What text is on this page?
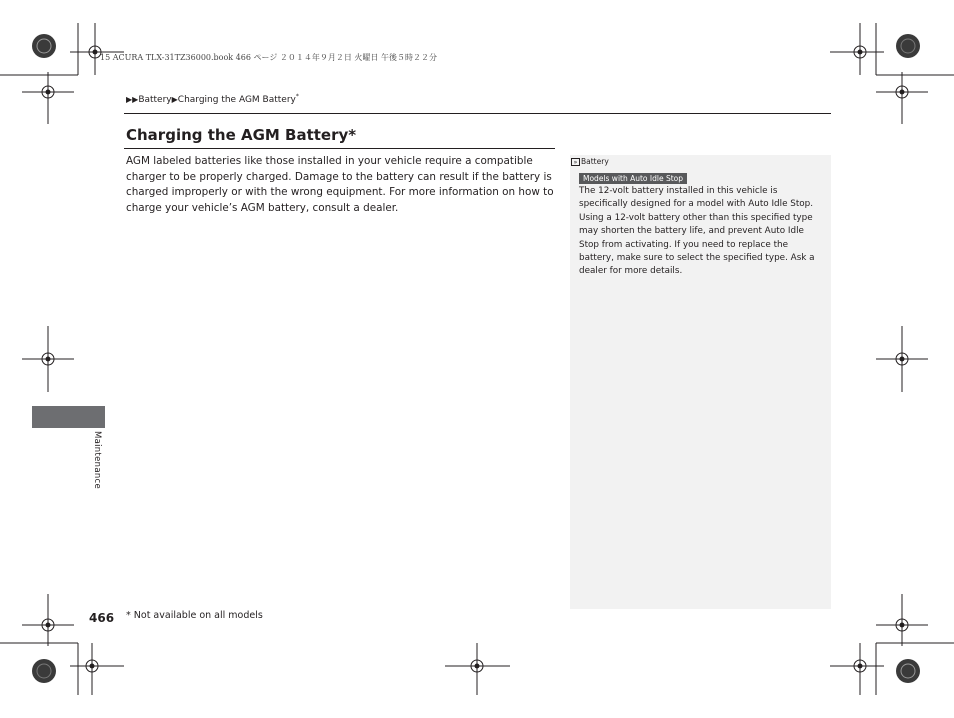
15 ACURA TLX-31TZ36000.book 466 ページ ２０１４年９月２日 火曜日 午後５時２２分
▶▶Battery▶Charging the AGM Battery*
Charging the AGM Battery*
AGM labeled batteries like those installed in your vehicle require a compatible charger to be properly charged. Damage to the battery can result if the battery is charged improperly or with the wrong equipment. For more information on how to charge your vehicle’s AGM battery, consult a dealer.
» Battery
Models with Auto Idle Stop
The 12-volt battery installed in this vehicle is specifically designed for a model with Auto Idle Stop. Using a 12-volt battery other than this specified type may shorten the battery life, and prevent Auto Idle Stop from activating. If you need to replace the battery, make sure to select the specified type. Ask a dealer for more details.
Maintenance
466 * Not available on all models
